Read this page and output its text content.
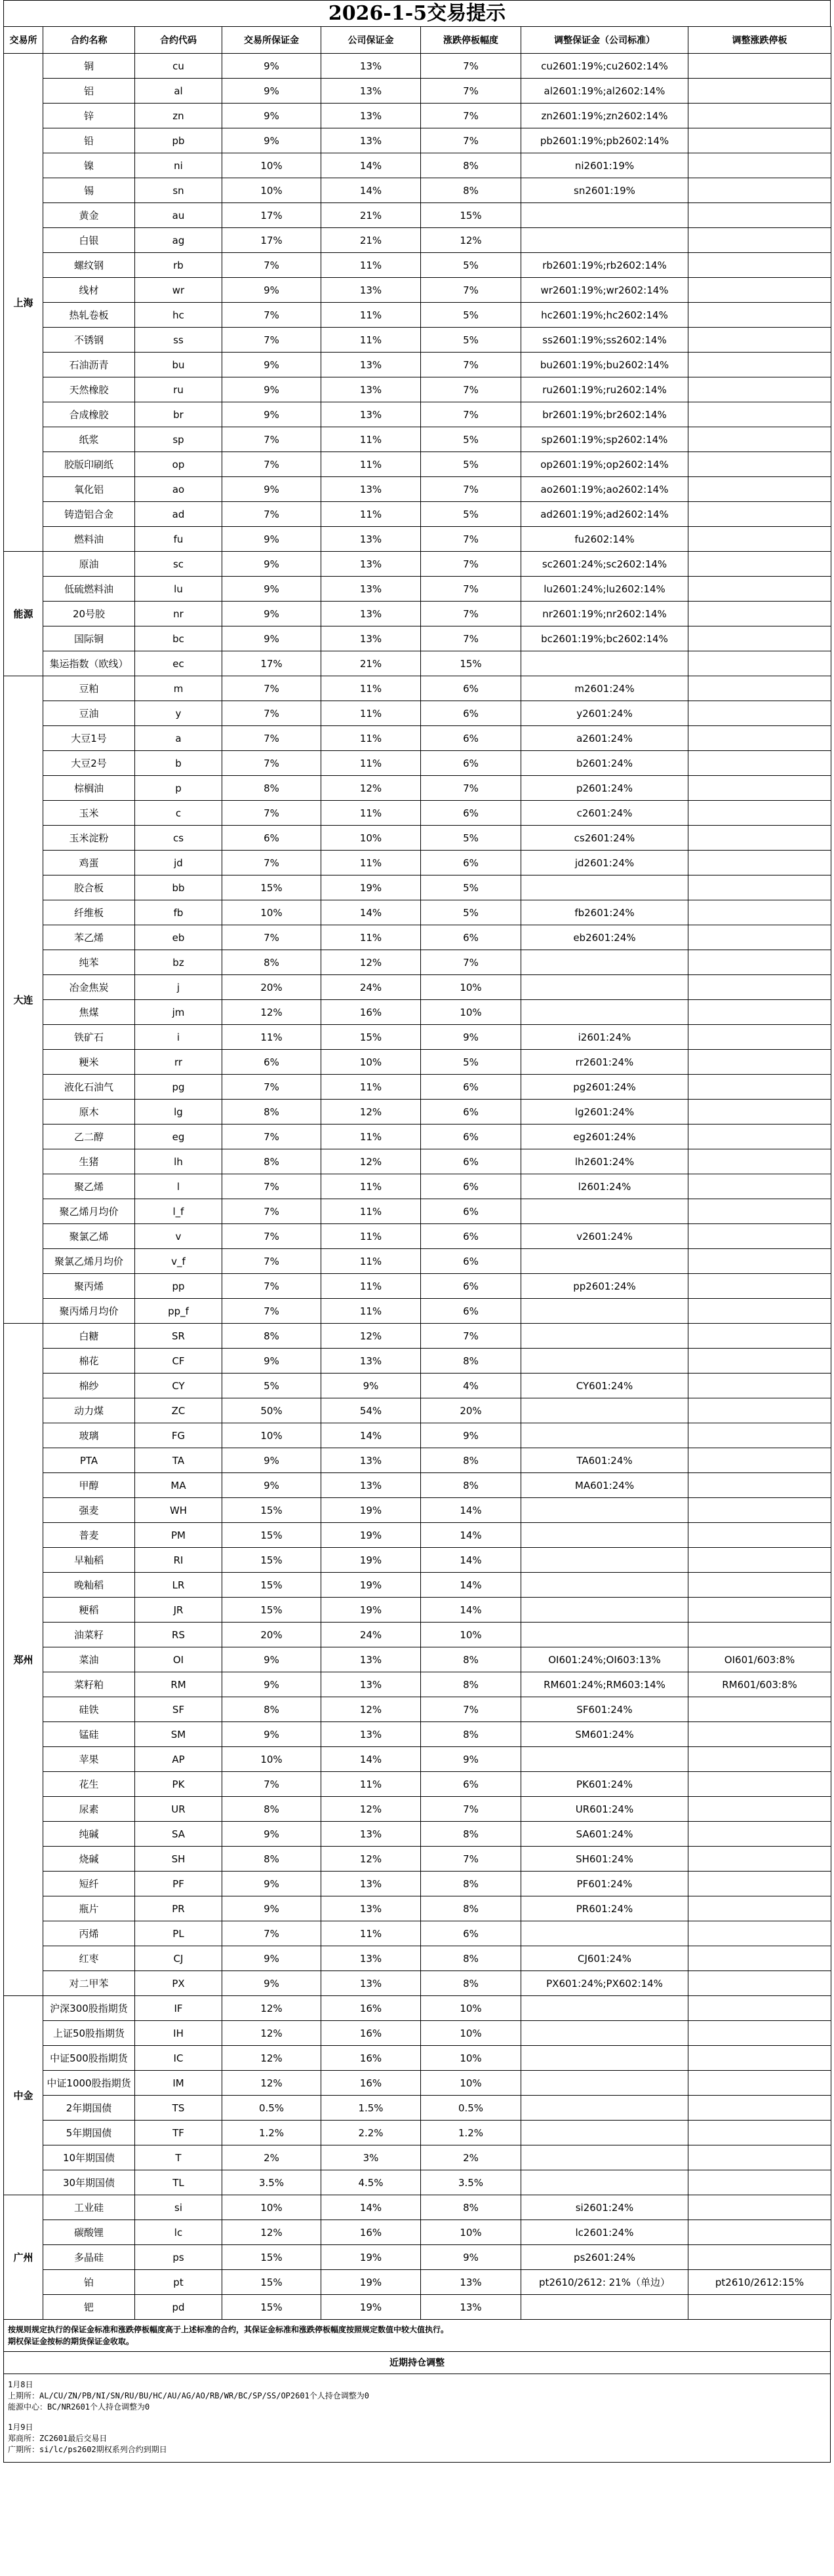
2026-1-5交易提示
交易所	合约名称	合约代码	交易所保证金	公司保证金	涨跌停板幅度	调整保证金（公司标准）	调整涨跌停板
上海	铜	cu	9%	13%	7%	cu2601:19%;cu2602:14%	
	铝	al	9%	13%	7%	al2601:19%;al2602:14%	
	锌	zn	9%	13%	7%	zn2601:19%;zn2602:14%	
	铅	pb	9%	13%	7%	pb2601:19%;pb2602:14%	
	镍	ni	10%	14%	8%	ni2601:19%	
	锡	sn	10%	14%	8%	sn2601:19%	
	黄金	au	17%	21%	15%		
	白银	ag	17%	21%	12%		
	螺纹钢	rb	7%	11%	5%	rb2601:19%;rb2602:14%	
	线材	wr	9%	13%	7%	wr2601:19%;wr2602:14%	
	热轧卷板	hc	7%	11%	5%	hc2601:19%;hc2602:14%	
	不锈钢	ss	7%	11%	5%	ss2601:19%;ss2602:14%	
	石油沥青	bu	9%	13%	7%	bu2601:19%;bu2602:14%	
	天然橡胶	ru	9%	13%	7%	ru2601:19%;ru2602:14%	
	合成橡胶	br	9%	13%	7%	br2601:19%;br2602:14%	
	纸浆	sp	7%	11%	5%	sp2601:19%;sp2602:14%	
	胶版印刷纸	op	7%	11%	5%	op2601:19%;op2602:14%	
	氧化铝	ao	9%	13%	7%	ao2601:19%;ao2602:14%	
	铸造铝合金	ad	7%	11%	5%	ad2601:19%;ad2602:14%	
	燃料油	fu	9%	13%	7%	fu2602:14%	
能源	原油	sc	9%	13%	7%	sc2601:24%;sc2602:14%	
	低硫燃料油	lu	9%	13%	7%	lu2601:24%;lu2602:14%	
	20号胶	nr	9%	13%	7%	nr2601:19%;nr2602:14%	
	国际铜	bc	9%	13%	7%	bc2601:19%;bc2602:14%	
	集运指数（欧线）	ec	17%	21%	15%		
大连	豆粕	m	7%	11%	6%	m2601:24%	
	豆油	y	7%	11%	6%	y2601:24%	
	大豆1号	a	7%	11%	6%	a2601:24%	
	大豆2号	b	7%	11%	6%	b2601:24%	
	棕榈油	p	8%	12%	7%	p2601:24%	
	玉米	c	7%	11%	6%	c2601:24%	
	玉米淀粉	cs	6%	10%	5%	cs2601:24%	
	鸡蛋	jd	7%	11%	6%	jd2601:24%	
	胶合板	bb	15%	19%	5%		
	纤维板	fb	10%	14%	5%	fb2601:24%	
	苯乙烯	eb	7%	11%	6%	eb2601:24%	
	纯苯	bz	8%	12%	7%		
	冶金焦炭	j	20%	24%	10%		
	焦煤	jm	12%	16%	10%		
	铁矿石	i	11%	15%	9%	i2601:24%	
	粳米	rr	6%	10%	5%	rr2601:24%	
	液化石油气	pg	7%	11%	6%	pg2601:24%	
	原木	lg	8%	12%	6%	lg2601:24%	
	乙二醇	eg	7%	11%	6%	eg2601:24%	
	生猪	lh	8%	12%	6%	lh2601:24%	
	聚乙烯	l	7%	11%	6%	l2601:24%	
	聚乙烯月均价	l_f	7%	11%	6%		
	聚氯乙烯	v	7%	11%	6%	v2601:24%	
	聚氯乙烯月均价	v_f	7%	11%	6%		
	聚丙烯	pp	7%	11%	6%	pp2601:24%	
	聚丙烯月均价	pp_f	7%	11%	6%		
郑州	白糖	SR	8%	12%	7%		
	棉花	CF	9%	13%	8%		
	棉纱	CY	5%	9%	4%	CY601:24%	
	动力煤	ZC	50%	54%	20%		
	玻璃	FG	10%	14%	9%		
	PTA	TA	9%	13%	8%	TA601:24%	
	甲醇	MA	9%	13%	8%	MA601:24%	
	强麦	WH	15%	19%	14%		
	普麦	PM	15%	19%	14%		
	早籼稻	RI	15%	19%	14%		
	晚籼稻	LR	15%	19%	14%		
	粳稻	JR	15%	19%	14%		
	油菜籽	RS	20%	24%	10%		
	菜油	OI	9%	13%	8%	OI601:24%;OI603:13%	OI601/603:8%
	菜籽粕	RM	9%	13%	8%	RM601:24%;RM603:14%	RM601/603:8%
	硅铁	SF	8%	12%	7%	SF601:24%	
	锰硅	SM	9%	13%	8%	SM601:24%	
	苹果	AP	10%	14%	9%		
	花生	PK	7%	11%	6%	PK601:24%	
	尿素	UR	8%	12%	7%	UR601:24%	
	纯碱	SA	9%	13%	8%	SA601:24%	
	烧碱	SH	8%	12%	7%	SH601:24%	
	短纤	PF	9%	13%	8%	PF601:24%	
	瓶片	PR	9%	13%	8%	PR601:24%	
	丙烯	PL	7%	11%	6%		
	红枣	CJ	9%	13%	8%	CJ601:24%	
	对二甲苯	PX	9%	13%	8%	PX601:24%;PX602:14%	
中金	沪深300股指期货	IF	12%	16%	10%		
	上证50股指期货	IH	12%	16%	10%		
	中证500股指期货	IC	12%	16%	10%		
	中证1000股指期货	IM	12%	16%	10%		
	2年期国债	TS	0.5%	1.5%	0.5%		
	5年期国债	TF	1.2%	2.2%	1.2%		
	10年期国债	T	2%	3%	2%		
	30年期国债	TL	3.5%	4.5%	3.5%		
广州	工业硅	si	10%	14%	8%	si2601:24%	
	碳酸锂	lc	12%	16%	10%	lc2601:24%	
	多晶硅	ps	15%	19%	9%	ps2601:24%	
	铂	pt	15%	19%	13%	pt2610/2612: 21%（单边）	pt2610/2612:15%
	钯	pd	15%	19%	13%		
按规则规定执行的保证金标准和涨跌停板幅度高于上述标准的合约，其保证金标准和涨跌停板幅度按照规定数值中较大值执行。
期权保证金按标的期货保证金收取。
近期持仓调整
1月8日
上期所：AL/CU/ZN/PB/NI/SN/RU/BU/HC/AU/AG/AO/RB/WR/BC/SP/SS/OP2601个人持仓调整为0
能源中心：BC/NR2601个人持仓调整为0
1月9日
郑商所：ZC2601最后交易日
广期所：si/lc/ps2602期权系列合约到期日
